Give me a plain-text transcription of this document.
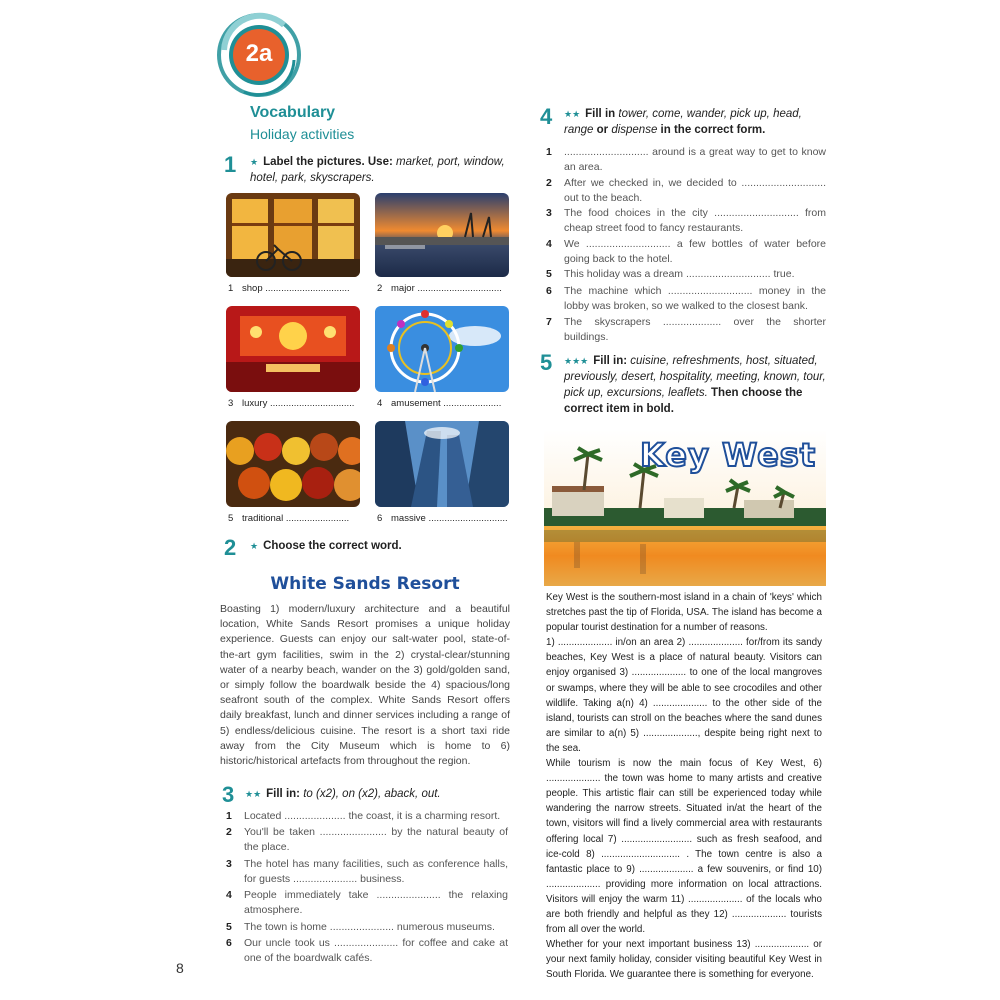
2a
Vocabulary
Holiday activities
1 ★ Label the pictures. Use: market, port, window, hotel, park, skyscrapers.
1 shop ................................	2 major ................................
3 luxury ................................ 4 amusement ......................
5 traditional ........................	6 massive ..............................
2 ★ Choose the correct word.
White Sands Resort

Boasting 1) modern/luxury architecture and a beautiful location, White Sands Resort promises a unique holiday experience. Guests can enjoy our salt-water pool, state-of-the-art gym facilities, swim in the 2) crystal-clear/stunning water of a nearby beach, wander on the 3) gold/golden sand, or simply follow the boardwalk beside the 4) spacious/long seafront south of the complex. White Sands Resort offers daily breakfast, lunch and dinner services including a range of 5) endless/delicious cuisine. The resort is a short taxi ride away from the City Museum which is home to 6) historic/historical artefacts from throughout the region.

3 ★★ Fill in: to (x2), on (x2), aback, out.
1	Located ..................... the coast, it is a charming resort.
2	You'll be taken ....................... by the natural beauty of the place.
3	The hotel has many facilities, such as conference halls, for guests ...................... business.
4	People immediately take ...................... the relaxing atmosphere.
5	The town is home ...................... numerous museums.
6	Our uncle took us ...................... for coffee and cake at one of the boardwalk cafés.
8
4 ★★ Fill in tower, come, wander, pick up, head, range or dispense in the correct form.
1	............................. around is a great way to get to know an area.
2	After we checked in, we decided to ............................. out to the beach.
3	The food choices in the city ............................. from cheap street food to fancy restaurants.
4	We ............................. a few bottles of water before going back to the hotel.
5	This holiday was a dream ............................. true.
6	The machine which ............................. money in the lobby was broken, so we walked to the closest bank.
7	The skyscrapers .................... over the shorter buildings.
5 ★★★ Fill in: cuisine, refreshments, host, situated, previously, desert, hospitality, meeting, known, tour, pick up, excursions, leaflets. Then choose the correct item in bold.
Key West

Key West is the southern-most island in a chain of 'keys' which stretches past the tip of Florida, USA. The island has become a popular tourist destination for a number of reasons.

1) .................... in/on an area 2) .................... for/from its sandy beaches, Key West is a place of natural beauty. Visitors can enjoy organised 3) .................... to one of the local mangroves or swamps, where they will be able to see crocodiles and other wildlife. Taking a(n) 4) .................... to the other side of the island, tourists can stroll on the beaches where the sand dunes are similar to a(n) 5) ...................., despite being right next to the sea.

While tourism is now the main focus of Key West, 6) .................... the town was home to many artists and creative people. This artistic flair can still be experienced today while wandering the narrow streets. Situated in/at the heart of the town, visitors will find a lively commercial area with restaurants offering local 7) .......................... such as fresh seafood, and ice-cold 8) ............................. . The town centre is also a fantastic place to 9) .................... a few souvenirs, or find 10) .................... providing more information on local attractions. Visitors will enjoy the warm 11) .................... of the locals who are both friendly and helpful as they 12) .................... tourists from all over the world.

Whether for your next important business 13) .................... or your next family holiday, consider visiting beautiful Key West in South Florida. We guarantee there is something for everyone.
